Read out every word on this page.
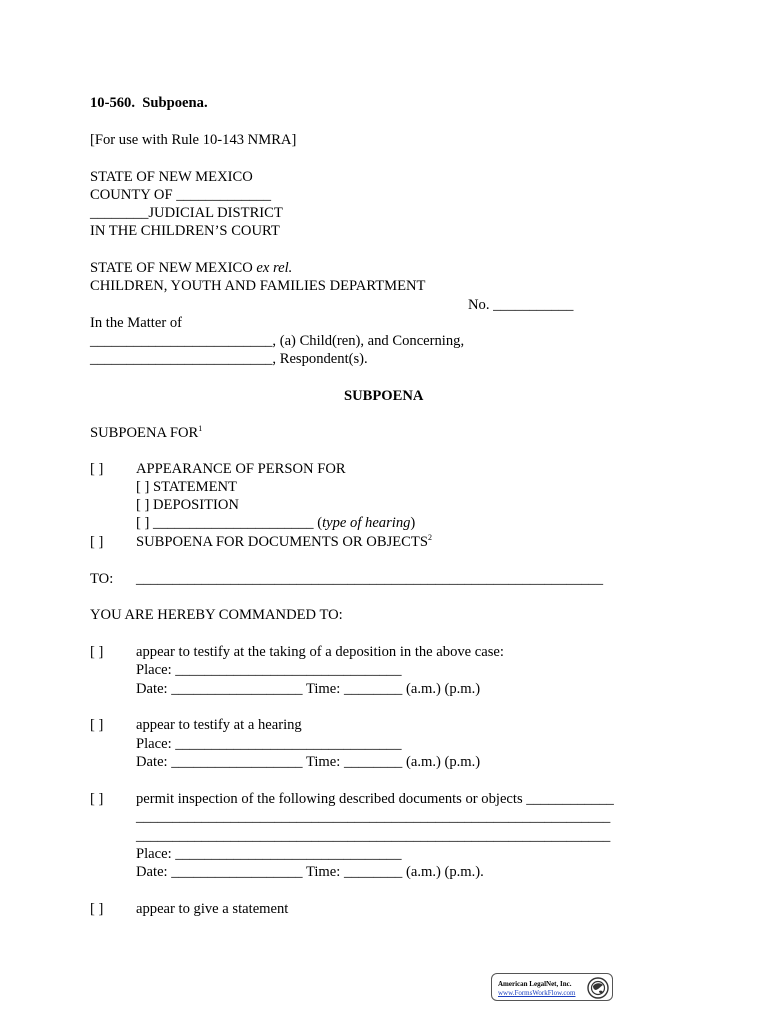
10-560.  Subpoena.
[For use with Rule 10-143 NMRA]
STATE OF NEW MEXICO
COUNTY OF _____________
________JUDICIAL DISTRICT
IN THE CHILDREN’S COURT
STATE OF NEW MEXICO ex rel.
CHILDREN, YOUTH AND FAMILIES DEPARTMENT
No. ___________
In the Matter of
_________________________, (a) Child(ren), and Concerning,
_________________________, Respondent(s).
SUBPOENA
SUBPOENA FOR$^1$
[ ] APPEARANCE OF PERSON FOR
[ ] STATEMENT
[ ] DEPOSITION
[ ] ______________________ (type of hearing)
[ ] SUBPOENA FOR DOCUMENTS OR OBJECTS$^2$
TO: ________________________________________________________________
YOU ARE HEREBY COMMANDED TO:
[ ] appear to testify at the taking of a deposition in the above case:
Place: _______________________________
Date: __________________ Time: ________ (a.m.) (p.m.)
[ ] appear to testify at a hearing
Place: _______________________________
Date: __________________ Time: ________ (a.m.) (p.m.)
[ ] permit inspection of the following described documents or objects ____________
_________________________________________________________________
_________________________________________________________________
Place: _______________________________
Date: __________________ Time: ________ (a.m.) (p.m.).
[ ] appear to give a statement
American LegalNet, Inc.
www.FormsWorkFlow.com
